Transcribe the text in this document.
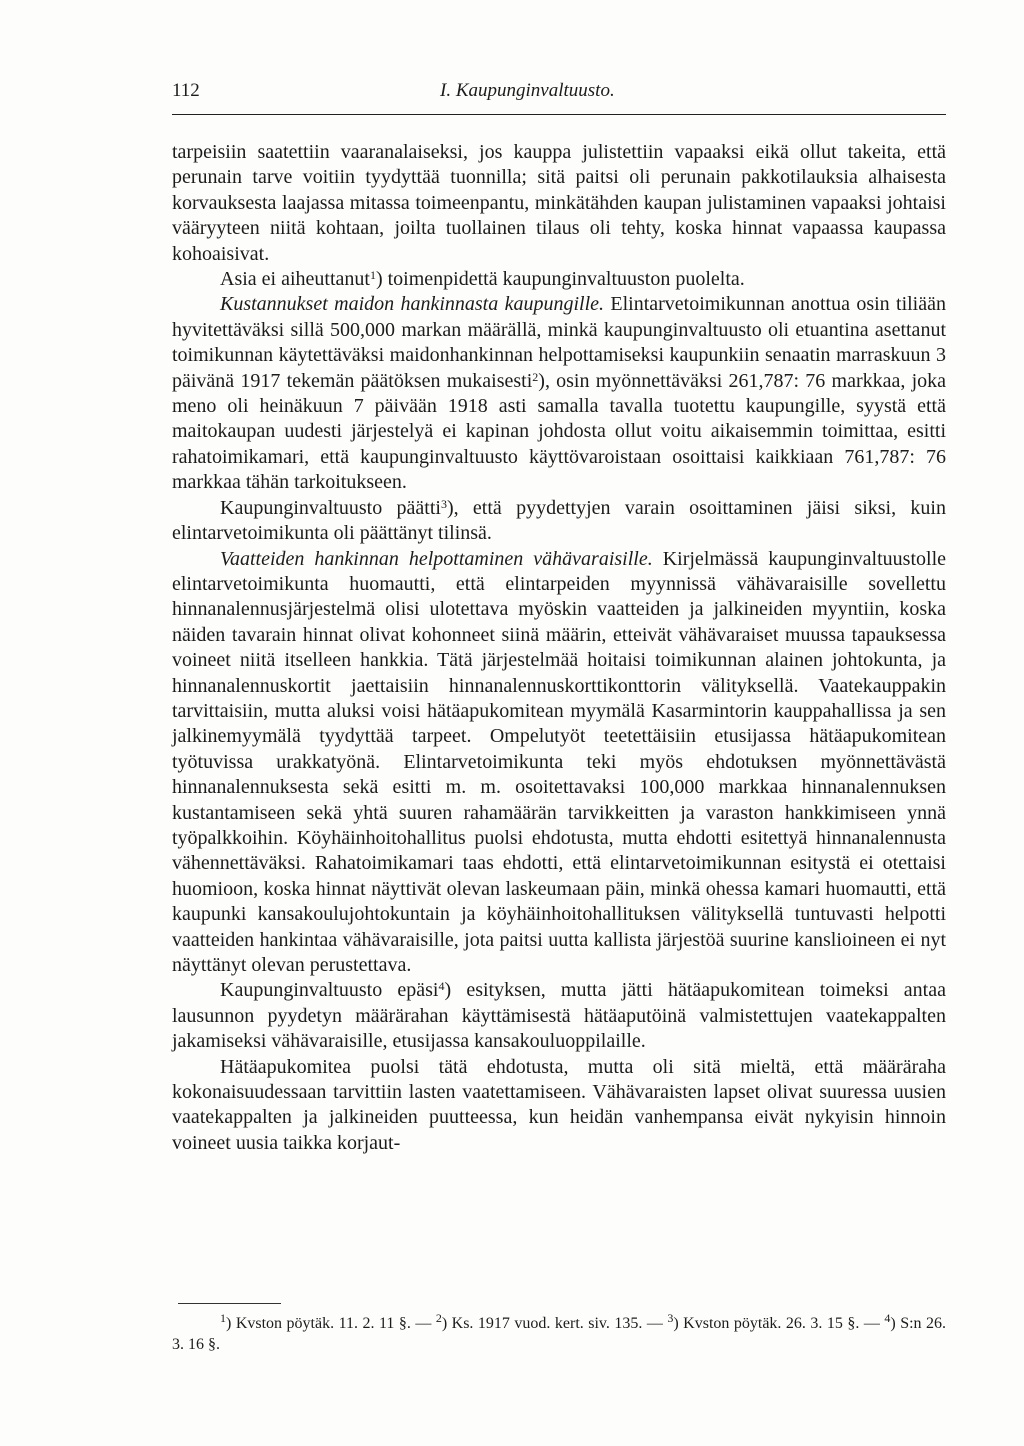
112	I. Kaupunginvaltuusto.

tarpeisiin saatettiin vaaranalaiseksi, jos kauppa julistettiin vapaaksi eikä ollut takeita, että perunain tarve voitiin tyydyttää tuonnilla; sitä paitsi oli perunain pakkotilauksia alhaisesta korvauksesta laajassa mitassa toimeenpantu, minkätähden kaupan julistaminen vapaaksi johtaisi vääryyteen niitä kohtaan, joilta tuollainen tilaus oli tehty, koska hinnat vapaassa kaupassa kohoaisivat.

Asia ei aiheuttanut$^1$) toimenpidettä kaupunginvaltuuston puolelta.

Kustannukset maidon hankinnasta kaupungille. Elintarvetoimikunnan anottua osin tiliään hyvitettäväksi sillä 500,000 markan määrällä, minkä kaupunginvaltuusto oli etuantina asettanut toimikunnan käytettäväksi maidonhankinnan helpottamiseksi kaupunkiin senaatin marraskuun 3 päivänä 1917 tekemän päätöksen mukaisesti$^2$), osin myönnettäväksi 261,787: 76 markkaa, joka meno oli heinäkuun 7 päivään 1918 asti samalla tavalla tuotettu kaupungille, syystä että maitokaupan uudesti järjestelyä ei kapinan johdosta ollut voitu aikaisemmin toimittaa, esitti rahatoimikamari, että kaupunginvaltuusto käyttövaroistaan osoittaisi kaikkiaan 761,787: 76 markkaa tähän tarkoitukseen.

Kaupunginvaltuusto päätti$^3$), että pyydettyjen varain osoittaminen jäisi siksi, kuin elintarvetoimikunta oli päättänyt tilinsä.

Vaatteiden hankinnan helpottaminen vähävaraisille. Kirjelmässä kaupunginvaltuustolle elintarvetoimikunta huomautti, että elintarpeiden myynnissä vähävaraisille sovellettu hinnanalennusjärjestelmä olisi ulotettava myöskin vaatteiden ja jalkineiden myyntiin, koska näiden tavarain hinnat olivat kohonneet siinä määrin, etteivät vähävaraiset muussa tapauksessa voineet niitä itselleen hankkia. Tätä järjestelmää hoitaisi toimikunnan alainen johtokunta, ja hinnanalennuskortit jaettaisiin hinnanalennuskorttikonttorin välityksellä. Vaatekauppakin tarvittaisiin, mutta aluksi voisi hätäapukomitean myymälä Kasarmintorin kauppahallissa ja sen jalkinemyymälä tyydyttää tarpeet. Ompelutyöt teetettäisiin etusijassa hätäapukomitean työtuvissa urakkatyönä. Elintarvetoimikunta teki myös ehdotuksen myönnettävästä hinnanalennuksesta sekä esitti m. m. osoitettavaksi 100,000 markkaa hinnanalennuksen kustantamiseen sekä yhtä suuren rahamäärän tarvikkeitten ja varaston hankkimiseen ynnä työpalkkoihin. Köyhäinhoitohallitus puolsi ehdotusta, mutta ehdotti esitettyä hinnanalennusta vähennettäväksi. Rahatoimikamari taas ehdotti, että elintarvetoimikunnan esitystä ei otettaisi huomioon, koska hinnat näyttivät olevan laskeumaan päin, minkä ohessa kamari huomautti, että kaupunki kansakoulujohtokuntain ja köyhäinhoitohallituksen välityksellä tuntuvasti helpotti vaatteiden hankintaa vähävaraisille, jota paitsi uutta kallista järjestöä suurine kanslioineen ei nyt näyttänyt olevan perustettava.

Kaupunginvaltuusto epäsi$^4$) esityksen, mutta jätti hätäapukomitean toimeksi antaa lausunnon pyydetyn määrärahan käyttämisestä hätäaputöinä valmistettujen vaatekappalten jakamiseksi vähävaraisille, etusijassa kansakouluoppilaille.

Hätäapukomitea puolsi tätä ehdotusta, mutta oli sitä mieltä, että määräraha kokonaisuudessaan tarvittiin lasten vaatettamiseen. Vähävaraisten lapset olivat suuressa uusien vaatekappalten ja jalkineiden puutteessa, kun heidän vanhempansa eivät nykyisin hinnoin voineet uusia taikka korjaut-

$^1$) Kvston pöytäk. 11. 2. 11 §. — $^2$) Ks. 1917 vuod. kert. siv. 135. — $^3$) Kvston pöytäk. 26. 3. 15 §. — $^4$) S:n 26. 3. 16 §.
